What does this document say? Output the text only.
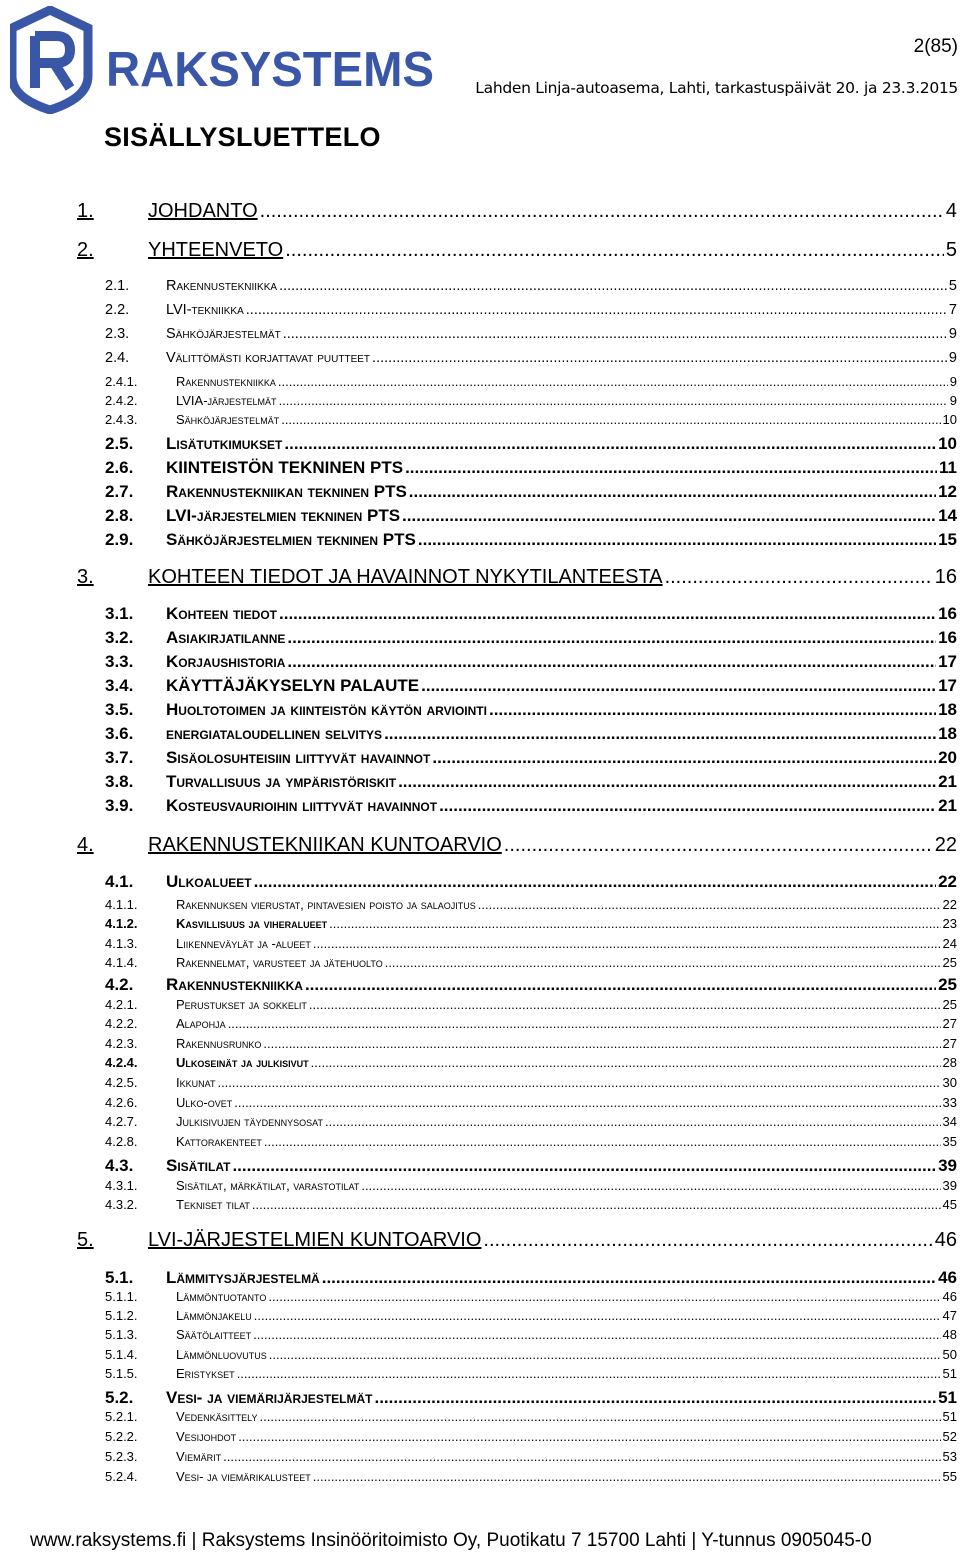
RAKSYSTEMS	2(85)
Lahden Linja-autoasema, Lahti, tarkastuspäivät 20. ja 23.3.2015
SISÄLLYSLUETTELO
1.	JOHDANTO .....	4
2.	YHTEENVETO .....	5
2.1.	Rakennustekniikka .....	5
2.2.	LVI-tekniikka .....	7
2.3.	Sähköjärjestelmät .....	9
2.4.	Välittömästi korjattavat puutteet .....	9
2.4.1.	Rakennustekniikka .....	9
2.4.2.	LVIA-järjestelmät .....	9
2.4.3.	Sähköjärjestelmät .....	10
2.5. Lisätutkimukset .....	10
2.6. KIINTEISTÖN TEKNINEN PTS .....	11
2.7. Rakennustekniikan tekninen PTS .....	12
2.8. LVI-järjestelmien tekninen PTS .....	14
2.9. Sähköjärjestelmien tekninen PTS .....	15
3.	KOHTEEN TIEDOT JA HAVAINNOT NYKYTILANTEESTA .....	16
3.1. Kohteen tiedot .....	16
3.2. Asiakirjatilanne .....	16
3.3. Korjaushistoria .....	17
3.4. KÄYTTÄJÄKYSELYN PALAUTE .....	17
3.5. Huoltotoimen ja kiinteistön käytön arviointi .....	18
3.6. energiataloudellinen selvitys .....	18
3.7. Sisäolosuhteisiin liittyvät havainnot .....	20
3.8. Turvallisuus ja ympäristöriskit .....	21
3.9. Kosteusvaurioihin liittyvät havainnot .....	21
4.	RAKENNUSTEKNIIKAN KUNTOARVIO .....	22
4.1. Ulkoalueet .....	22
4.1.1.	Rakennuksen vierustat, pintavesien poisto ja salaojitus .....	22
4.1.2.	Kasvillisuus ja viheralueet .....	23
4.1.3.	Liikenneväylät ja -alueet .....	24
4.1.4.	Rakennelmat, varusteet ja jätehuolto .....	25
4.2. Rakennustekniikka .....	25
4.2.1.	Perustukset ja sokkelit .....	25
4.2.2.	Alapohja .....	27
4.2.3.	Rakennusrunko .....	27
4.2.4.	Ulkoseinät ja julkisivut .....	28
4.2.5.	Ikkunat .....	30
4.2.6.	Ulko-ovet .....	33
4.2.7.	Julkisivujen täydennysosat .....	34
4.2.8.	Kattorakenteet .....	35
4.3. Sisätilat .....	39
4.3.1.	Sisätilat, märkätilat, varastotilat .....	39
4.3.2.	Tekniset tilat .....	45
5.	LVI-JÄRJESTELMIEN KUNTOARVIO .....	46
5.1. Lämmitysjärjestelmä .....	46
5.1.1.	Lämmöntuotanto .....	46
5.1.2.	Lämmönjakelu .....	47
5.1.3.	Säätölaitteet .....	48
5.1.4.	Lämmönluovutus .....	50
5.1.5.	Eristykset .....	51
5.2. Vesi- ja viemärijärjestelmät .....	51
5.2.1.	Vedenkäsittely .....	51
5.2.2.	Vesijohdot .....	52
5.2.3.	Viemärit .....	53
5.2.4.	Vesi- ja viemärikalusteet .....	55
www.raksystems.fi | Raksystems Insinööritoimisto Oy, Puotikatu 7 15700 Lahti | Y-tunnus 0905045-0
